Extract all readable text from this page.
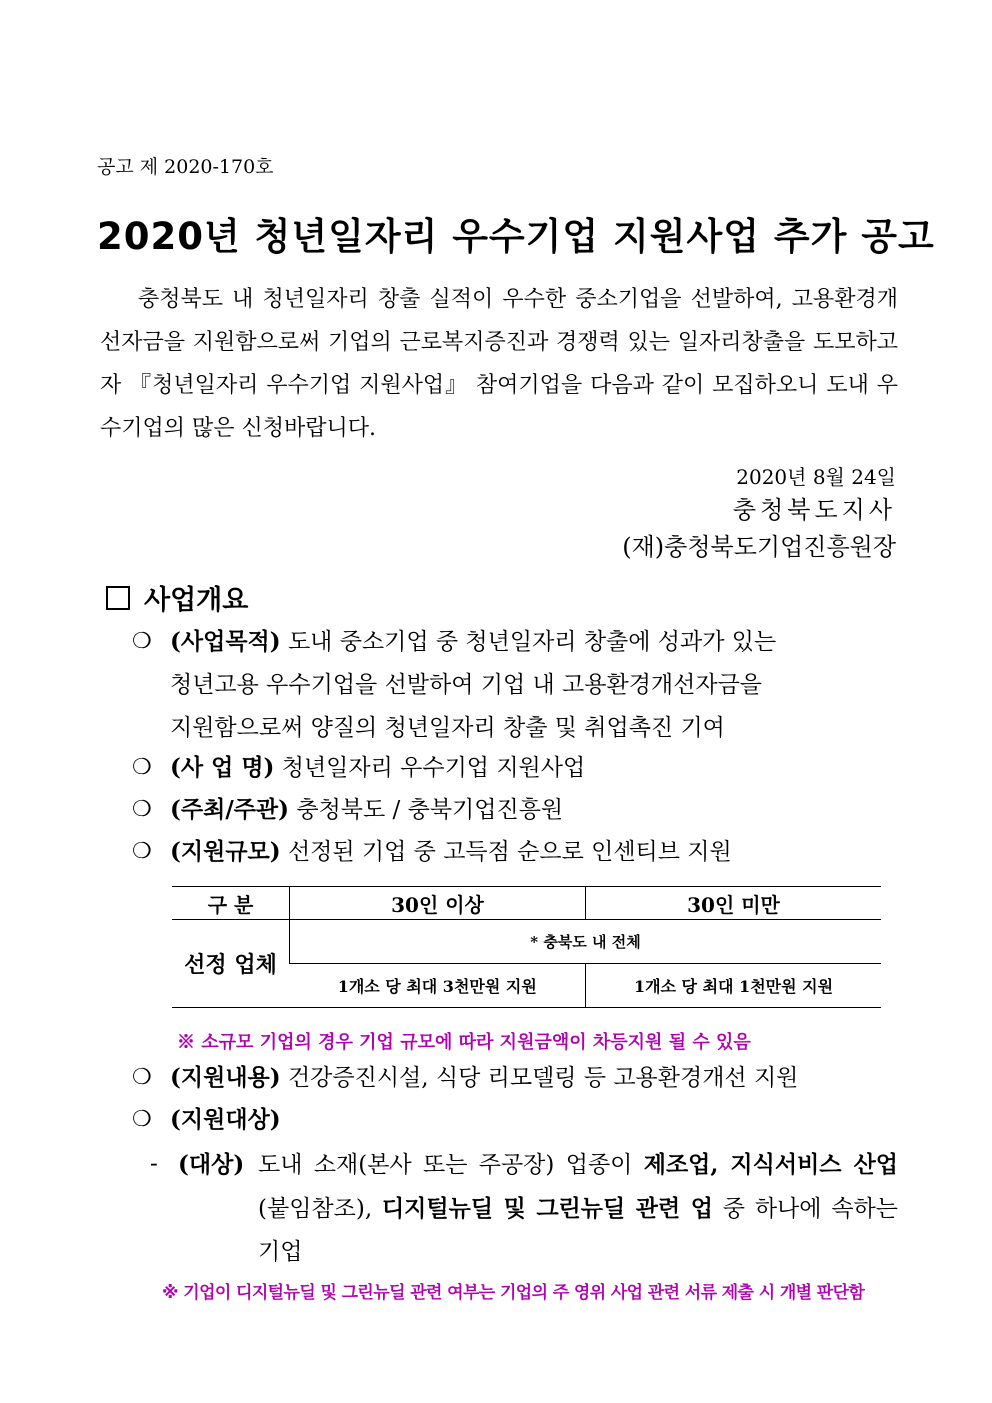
공고 제 2020-170호
2020년 청년일자리 우수기업 지원사업 추가 공고

충청북도 내 청년일자리 창출 실적이 우수한 중소기업을 선발하여, 고용환경개선자금을 지원함으로써 기업의 근로복지증진과 경쟁력 있는 일자리창출을 도모하고자 『청년일자리 우수기업 지원사업』 참여기업을 다음과 같이 모집하오니 도내 우수기업의 많은 신청바랍니다.

2020년 8월 24일
충청북도지사
(재)충청북도기업진흥원장
사업개요
❍ (사업목적) 도내 중소기업 중 청년일자리 창출에 성과가 있는
청년고용 우수기업을 선발하여 기업 내 고용환경개선자금을
지원함으로써 양질의 청년일자리 창출 및 취업촉진 기여
❍ (사 업 명) 청년일자리 우수기업 지원사업
❍ (주최/주관) 충청북도 / 충북기업진흥원
❍ (지원규모) 선정된 기업 중 고득점 순으로 인센티브 지원
구 분	30인 이상	30인 미만
선정 업체	* 충북도 내 전체	
	1개소 당 최대 3천만원 지원	1개소 당 최대 1천만원 지원
※ 소규모 기업의 경우 기업 규모에 따라 지원금액이 차등지원 될 수 있음
❍ (지원내용) 건강증진시설, 식당 리모델링 등 고용환경개선 지원
❍ (지원대상)
- (대상) 도내 소재(본사 또는 주공장) 업종이 제조업, 지식서비스 산업(붙임참조), 디지털뉴딜 및 그린뉴딜 관련 업 중 하나에 속하는 기업
※ 기업이 디지털뉴딜 및 그린뉴딜 관련 여부는 기업의 주 영위 사업 관련 서류 제출 시 개별 판단함
